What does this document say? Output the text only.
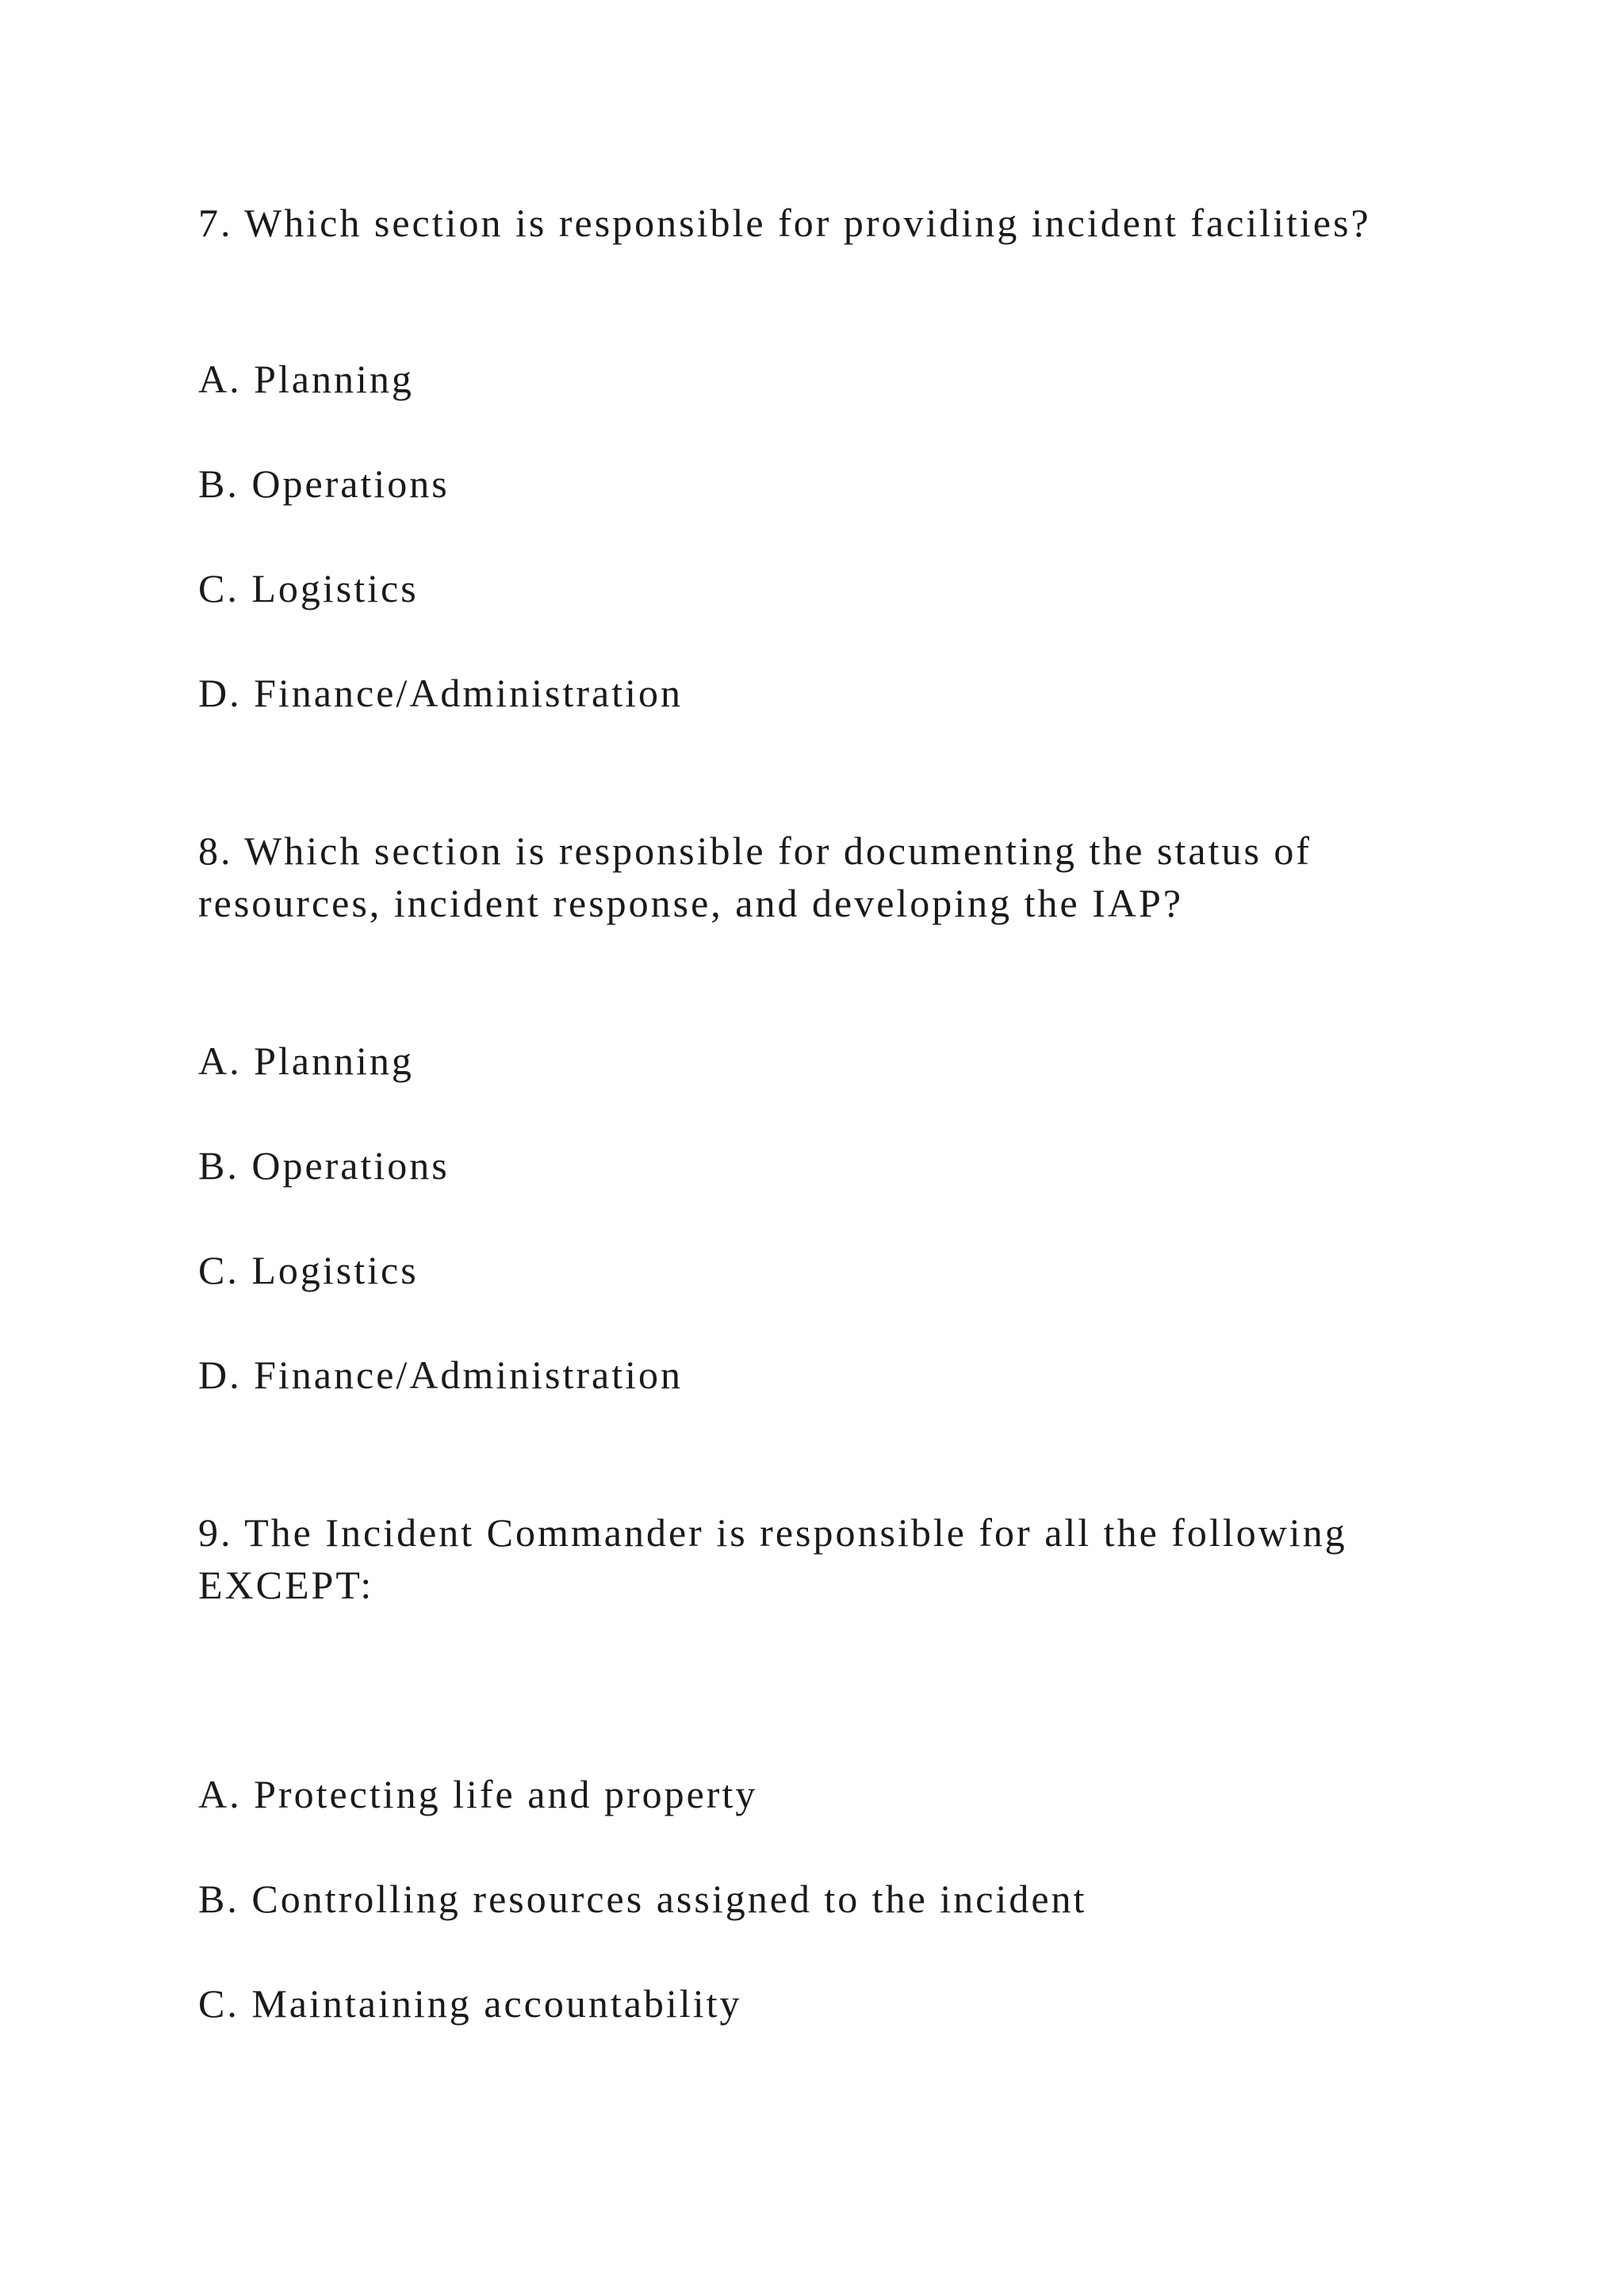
7. Which section is responsible for providing incident facilities?

A. Planning

B. Operations

C. Logistics

D. Finance/Administration

8. Which section is responsible for documenting the status of

resources, incident response, and developing the IAP?

A. Planning

B. Operations

C. Logistics

D. Finance/Administration

9. The Incident Commander is responsible for all the following

EXCEPT:

A. Protecting life and property

B. Controlling resources assigned to the incident

C. Maintaining accountability
